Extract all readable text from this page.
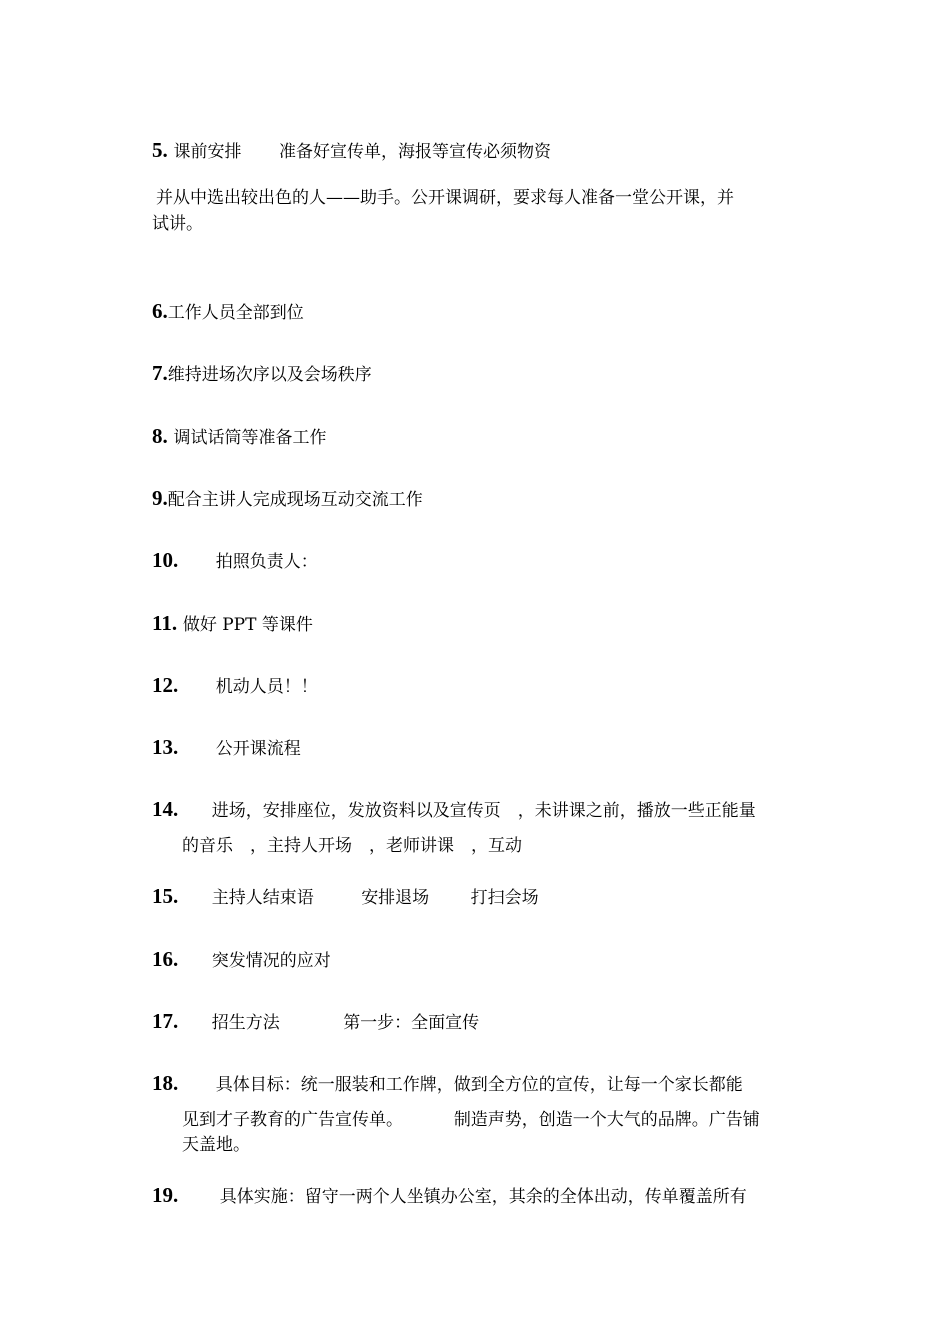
5. 课前安排 准备好宣传单，海报等宣传必须物资
并从中选出较出色的人——助手。公开课调研，要求每人准备一堂公开课，并
试讲。
6.工作人员全部到位
7.维持进场次序以及会场秩序
8. 调试话筒等准备工作
9.配合主讲人完成现场互动交流工作
10. 拍照负责人：
11. 做好 PPT 等课件
12. 机动人员！！
13. 公开课流程
14. 进场，安排座位，发放资料以及宣传页　，未讲课之前，播放一些正能量
的音乐　，主持人开场　，老师讲课　，互动
15. 主持人结束语	安排退场 打扫会场
16. 突发情况的应对
17. 招生方法	第一步：全面宣传
18. 具体目标：统一服装和工作牌，做到全方位的宣传，让每一个家长都能
见到才子教育的广告宣传单。	制造声势，创造一个大气的品牌。广告铺
天盖地。
19. 具体实施：留守一两个人坐镇办公室，其余的全体出动，传单覆盖所有
